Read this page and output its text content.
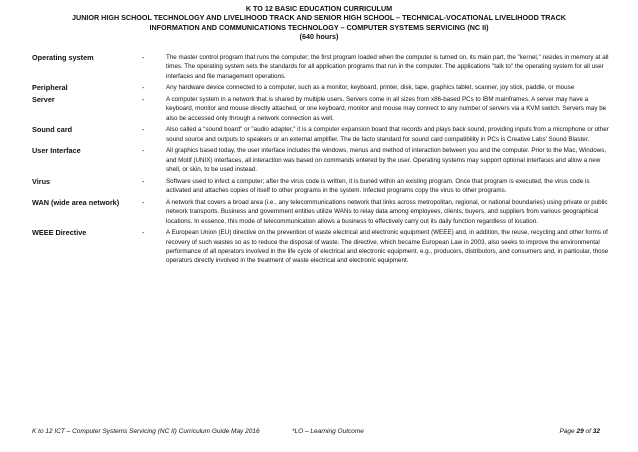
K TO 12 BASIC EDUCATION CURRICULUM
JUNIOR HIGH SCHOOL TECHNOLOGY AND LIVELIHOOD TRACK AND SENIOR HIGH SCHOOL – TECHNICAL-VOCATIONAL LIVELIHOOD TRACK
INFORMATION AND COMMUNICATIONS TECHNOLOGY – COMPUTER SYSTEMS SERVICING (NC II)
(640 hours)
Operating system	-	The master control program that runs the computer; the first program loaded when the computer is turned on, its main part, the "kernel," resides in memory at all times. The operating system sets the standards for all application programs that run in the computer. The applications "talk to" the operating system for all user interfaces and file management operations.
Peripheral	-	Any hardware device connected to a computer, such as a monitor, keyboard, printer, disk, tape, graphics tablet, scanner, joy stick, paddle, or mouse
Server	-	A computer system in a network that is shared by multiple users. Servers come in all sizes from x86-based PCs to IBM mainframes. A server may have a keyboard, monitor and mouse directly attached, or one keyboard, monitor and mouse may connect to any number of servers via a KVM switch. Servers may be also be accessed only through a network connection as well.
Sound card	-	Also called a "sound board" or "audio adapter," it is a computer expansion board that records and plays back sound, providing inputs from a microphone or other sound source and outputs to speakers or an external amplifier. The de facto standard for sound card compatibility in PCs is Creative Labs' Sound Blaster.
User Interface	-	All graphics based today, the user interface includes the windows, menus and method of interaction between you and the computer. Prior to the Mac, Windows, and Motif (UNIX) interfaces, all interaction was based on commands entered by the user. Operating systems may support optional interfaces and allow a new shell, or skin, to be used instead.
Virus	-	Software used to infect a computer; after the virus code is written, it is buried within an existing program. Once that program is executed, the virus code is activated and attaches copies of itself to other programs in the system. Infected programs copy the virus to other programs.
WAN (wide area network)	-	A network that covers a broad area (i.e., any telecommunications network that links across metropolitan, regional, or national boundaries) using private or public network transports. Business and government entities utilize WANs to relay data among employees, clients, buyers, and suppliers from various geographical locations. In essence, this mode of telecommunication allows a business to effectively carry out its daily function regardless of location.
WEEE Directive	-	A European Union (EU) directive on the prevention of waste electrical and electronic equipment (WEEE) and, in addition, the reuse, recycling and other forms of recovery of such wastes so as to reduce the disposal of waste. The directive, which became European Law in 2003, also seeks to improve the environmental performance of all operators involved in the life cycle of electrical and electronic equipment, e.g., producers, distributors, and consumers and, in particular, those operators directly involved in the treatment of waste electrical and electronic equipment.
K to 12 ICT – Computer Systems Servicing (NC II) Curriculum Guide May 2016	*LO – Learning Outcome	Page 29 of 32
